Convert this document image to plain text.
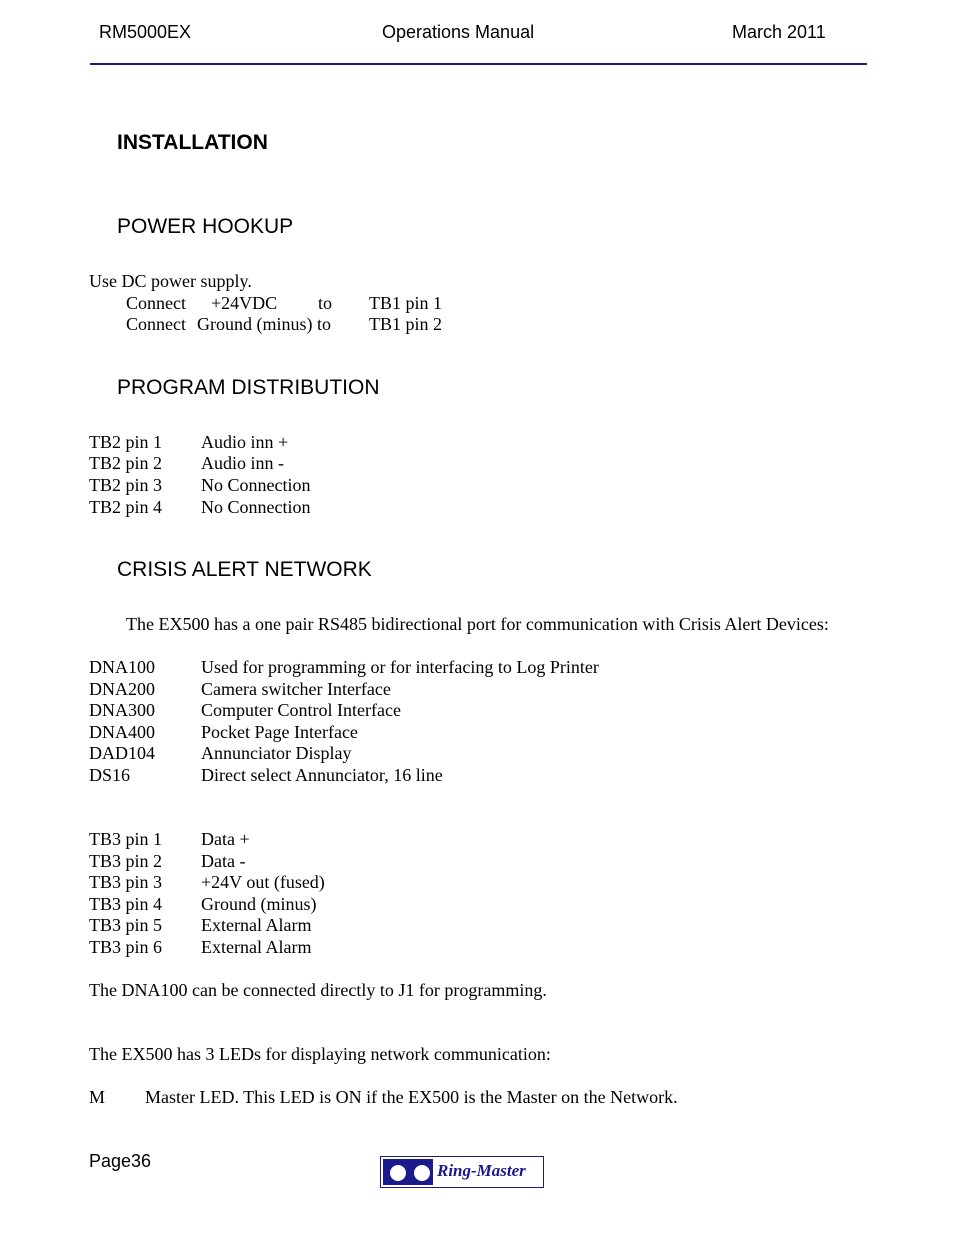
RM5000EX	Operations Manual	March 2011
INSTALLATION
POWER HOOKUP
Use DC power supply.
Connect +24VDC to TB1 pin 1
Connect Ground (minus) to TB1 pin 2
PROGRAM DISTRIBUTION
TB2 pin 1 Audio inn +
TB2 pin 2 Audio inn -
TB2 pin 3 No Connection
TB2 pin 4 No Connection
CRISIS ALERT NETWORK
The EX500 has a one pair RS485 bidirectional port for communication with Crisis Alert Devices:
DNA100	Used for programming or for interfacing to Log Printer
DNA200	Camera switcher Interface
DNA300	Computer Control Interface
DNA400	Pocket Page Interface
DAD104	Annunciator Display
DS16	Direct select Annunciator, 16 line
TB3 pin 1 Data +
TB3 pin 2 Data -
TB3 pin 3 +24V out (fused)
TB3 pin 4 Ground (minus)
TB3 pin 5 External Alarm
TB3 pin 6 External Alarm
The DNA100 can be connected directly to J1 for programming.
The EX500 has 3 LEDs for displaying network communication:
M Master LED. This LED is ON if the EX500 is the Master on the Network.
Page36	Ring-Master
